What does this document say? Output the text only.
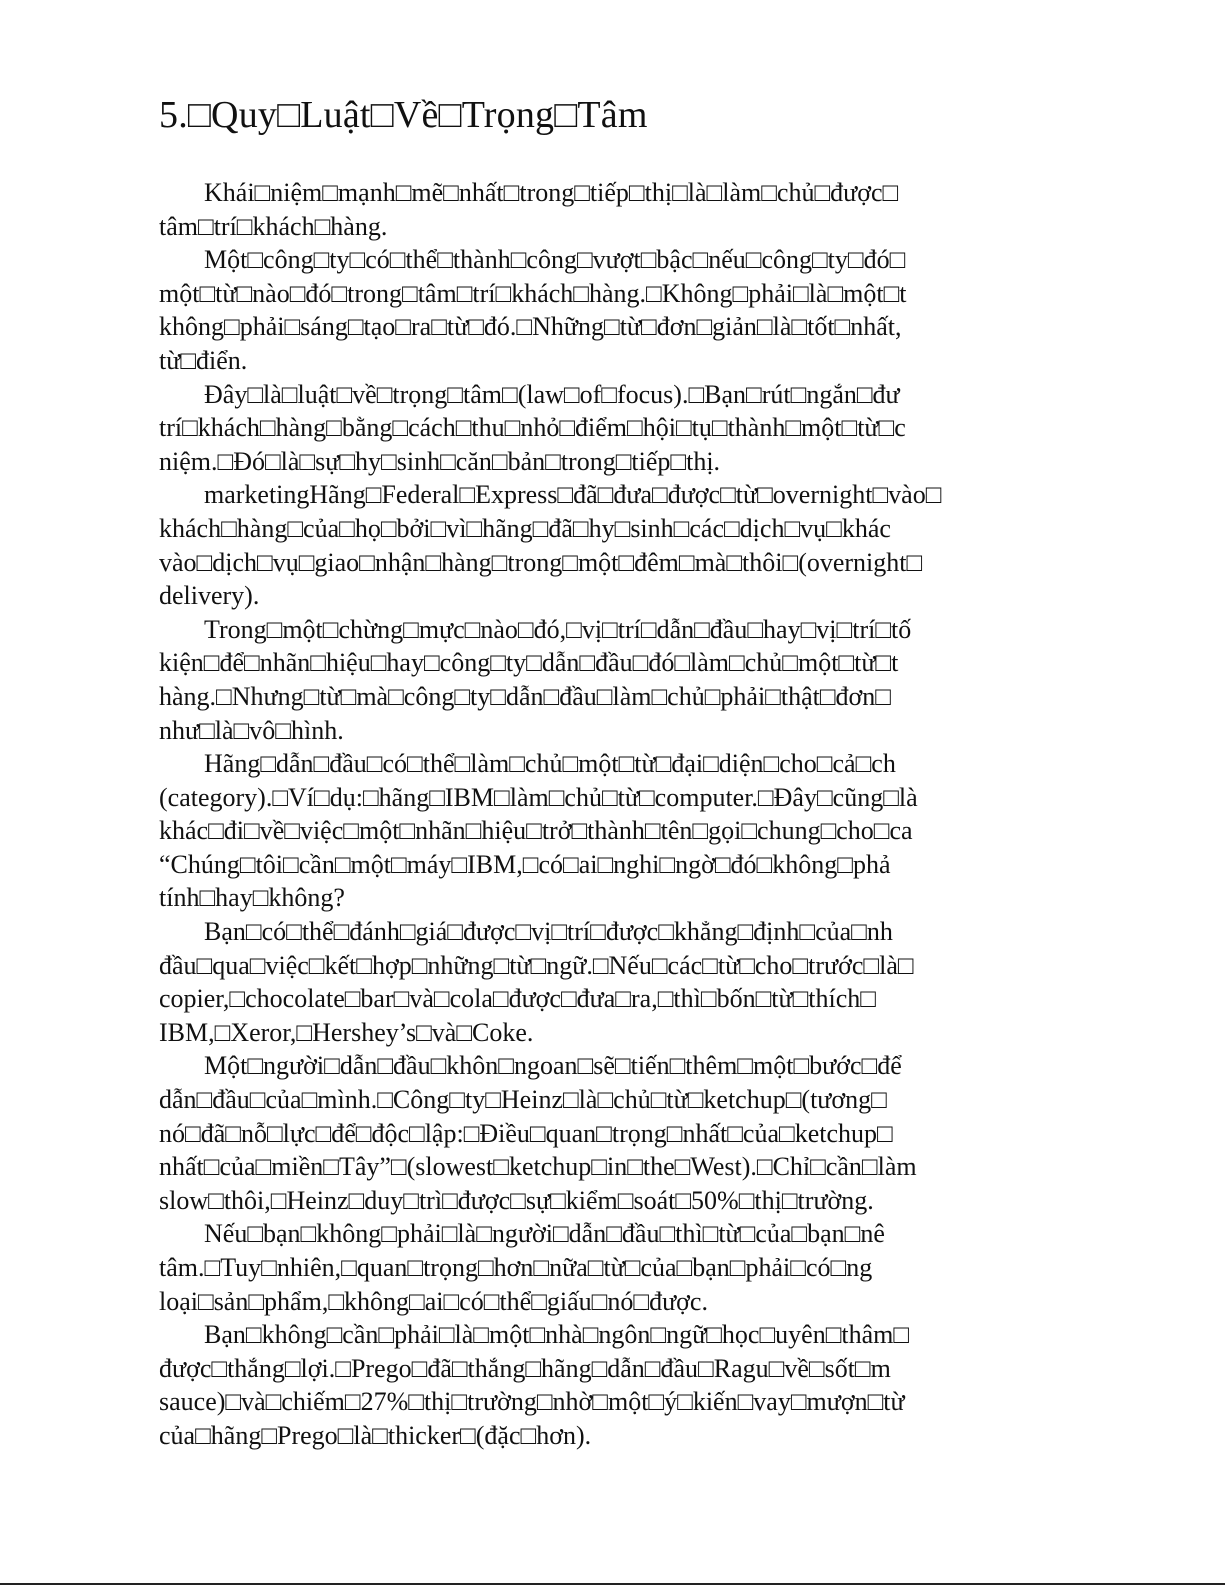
5.□Quy□Luật□Về□Trọng□Tâm
Khái□niệm□mạnh□mẽ□nhất□trong□tiếp□thị□là□làm□chủ□được□
tâm□trí□khách□hàng.
Một□công□ty□có□thể□thành□công□vượt□bậc□nếu□công□ty□đó□
một□từ□nào□đó□trong□tâm□trí□khách□hàng.□Không□phải□là□một□t
không□phải□sáng□tạo□ra□từ□đó.□Những□từ□đơn□giản□là□tốt□nhất,
từ□điển.
Đây□là□luật□về□trọng□tâm□(law□of□focus).□Bạn□rút□ngắn□đư
trí□khách□hàng□bằng□cách□thu□nhỏ□điểm□hội□tụ□thành□một□từ□c
niệm.□Đó□là□sự□hy□sinh□căn□bản□trong□tiếp□thị.
marketingHãng□Federal□Express□đã□đưa□được□từ□overnight□vào□
khách□hàng□của□họ□bởi□vì□hãng□đã□hy□sinh□các□dịch□vụ□khác
vào□dịch□vụ□giao□nhận□hàng□trong□một□đêm□mà□thôi□(overnight□
delivery).
Trong□một□chừng□mực□nào□đó,□vị□trí□dẫn□đầu□hay□vị□trí□tố
kiện□để□nhãn□hiệu□hay□công□ty□dẫn□đầu□đó□làm□chủ□một□từ□t
hàng.□Nhưng□từ□mà□công□ty□dẫn□đầu□làm□chủ□phải□thật□đơn□
như□là□vô□hình.
Hãng□dẫn□đầu□có□thể□làm□chủ□một□từ□đại□diện□cho□cả□ch
(category).□Ví□dụ:□hãng□IBM□làm□chủ□từ□computer.□Đây□cũng□là
khác□đi□về□việc□một□nhãn□hiệu□trở□thành□tên□gọi□chung□cho□ca
“Chúng□tôi□cần□một□máy□IBM,□có□ai□nghi□ngờ□đó□không□phả
tính□hay□không?
Bạn□có□thể□đánh□giá□được□vị□trí□được□khẳng□định□của□nh
đầu□qua□việc□kết□hợp□những□từ□ngữ.□Nếu□các□từ□cho□trước□là□
copier,□chocolate□bar□và□cola□được□đưa□ra,□thì□bốn□từ□thích□
IBM,□Xeror,□Hershey’s□và□Coke.
Một□người□dẫn□đầu□khôn□ngoan□sẽ□tiến□thêm□một□bước□để
dẫn□đầu□của□mình.□Công□ty□Heinz□là□chủ□từ□ketchup□(tương□
nó□đã□nỗ□lực□để□độc□lập:□Điều□quan□trọng□nhất□của□ketchup□
nhất□của□miền□Tây”□(slowest□ketchup□in□the□West).□Chỉ□cần□làm
slow□thôi,□Heinz□duy□trì□được□sự□kiểm□soát□50%□thị□trường.
Nếu□bạn□không□phải□là□người□dẫn□đầu□thì□từ□của□bạn□nê
tâm.□Tuy□nhiên,□quan□trọng□hơn□nữa□từ□của□bạn□phải□có□ng
loại□sản□phẩm,□không□ai□có□thể□giấu□nó□được.
Bạn□không□cần□phải□là□một□nhà□ngôn□ngữ□học□uyên□thâm□
được□thắng□lợi.□Prego□đã□thắng□hãng□dẫn□đầu□Ragu□về□sốt□m
sauce)□và□chiếm□27%□thị□trường□nhờ□một□ý□kiến□vay□mượn□từ
của□hãng□Prego□là□thicker□(đặc□hơn).
